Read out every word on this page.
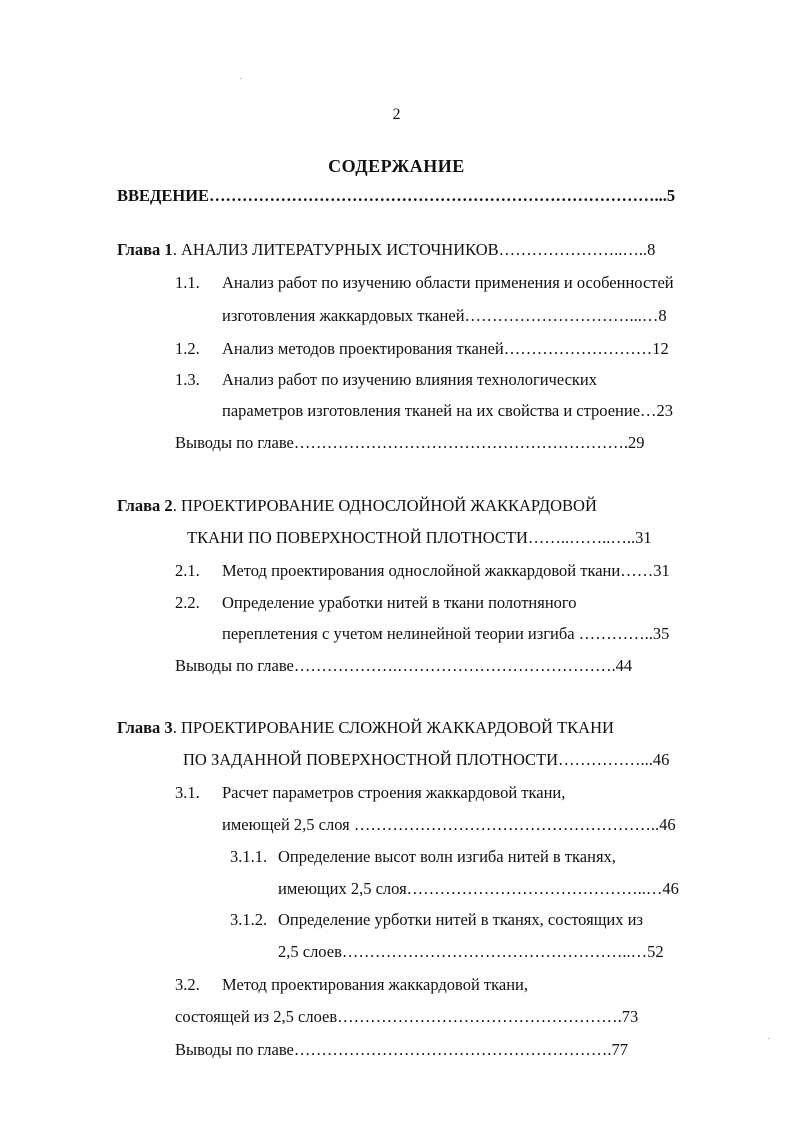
2
СОДЕРЖАНИЕ
ВВЕДЕНИЕ………………………………………………………………………...5
Глава 1. АНАЛИЗ ЛИТЕРАТУРНЫХ ИСТОЧНИКОВ…………………..…..8
1.1. Анализ работ по изучению области применения и особенностей
изготовления жаккардовых тканей…………………………...…8
1.2. Анализ методов проектирования тканей………………………12
1.3. Анализ работ по изучению влияния технологических
параметров изготовления тканей на их свойства и строение…23
Выводы по главе…………………………………………………….29
Глава 2. ПРОЕКТИРОВАНИЕ ОДНОСЛОЙНОЙ ЖАККАРДОВОЙ
ТКАНИ ПО ПОВЕРХНОСТНОЙ ПЛОТНОСТИ……..……..…..31
2.1. Метод проектирования однослойной жаккардовой ткани……31
2.2. Определение уработки нитей в ткани полотняного
переплетения с учетом нелинейной теории изгиба …………..35
Выводы по главе……………….………………………………….44
Глава 3. ПРОЕКТИРОВАНИЕ СЛОЖНОЙ ЖАККАРДОВОЙ ТКАНИ
ПО ЗАДАННОЙ ПОВЕРХНОСТНОЙ ПЛОТНОСТИ……………...46
3.1. Расчет параметров строения жаккардовой ткани,
имеющей 2,5 слоя ………………………………………………..46
3.1.1. Определение высот волн изгиба нитей в тканях,
имеющих 2,5 слоя……………………………………..…46
3.1.2. Определение урботки нитей в тканях, состоящих из
2,5 слоев……………………………………………..…52
3.2. Метод проектирования жаккардовой ткани,
состоящей из 2,5 слоев…………………………………………….73
Выводы по главе………………………………………………….77
